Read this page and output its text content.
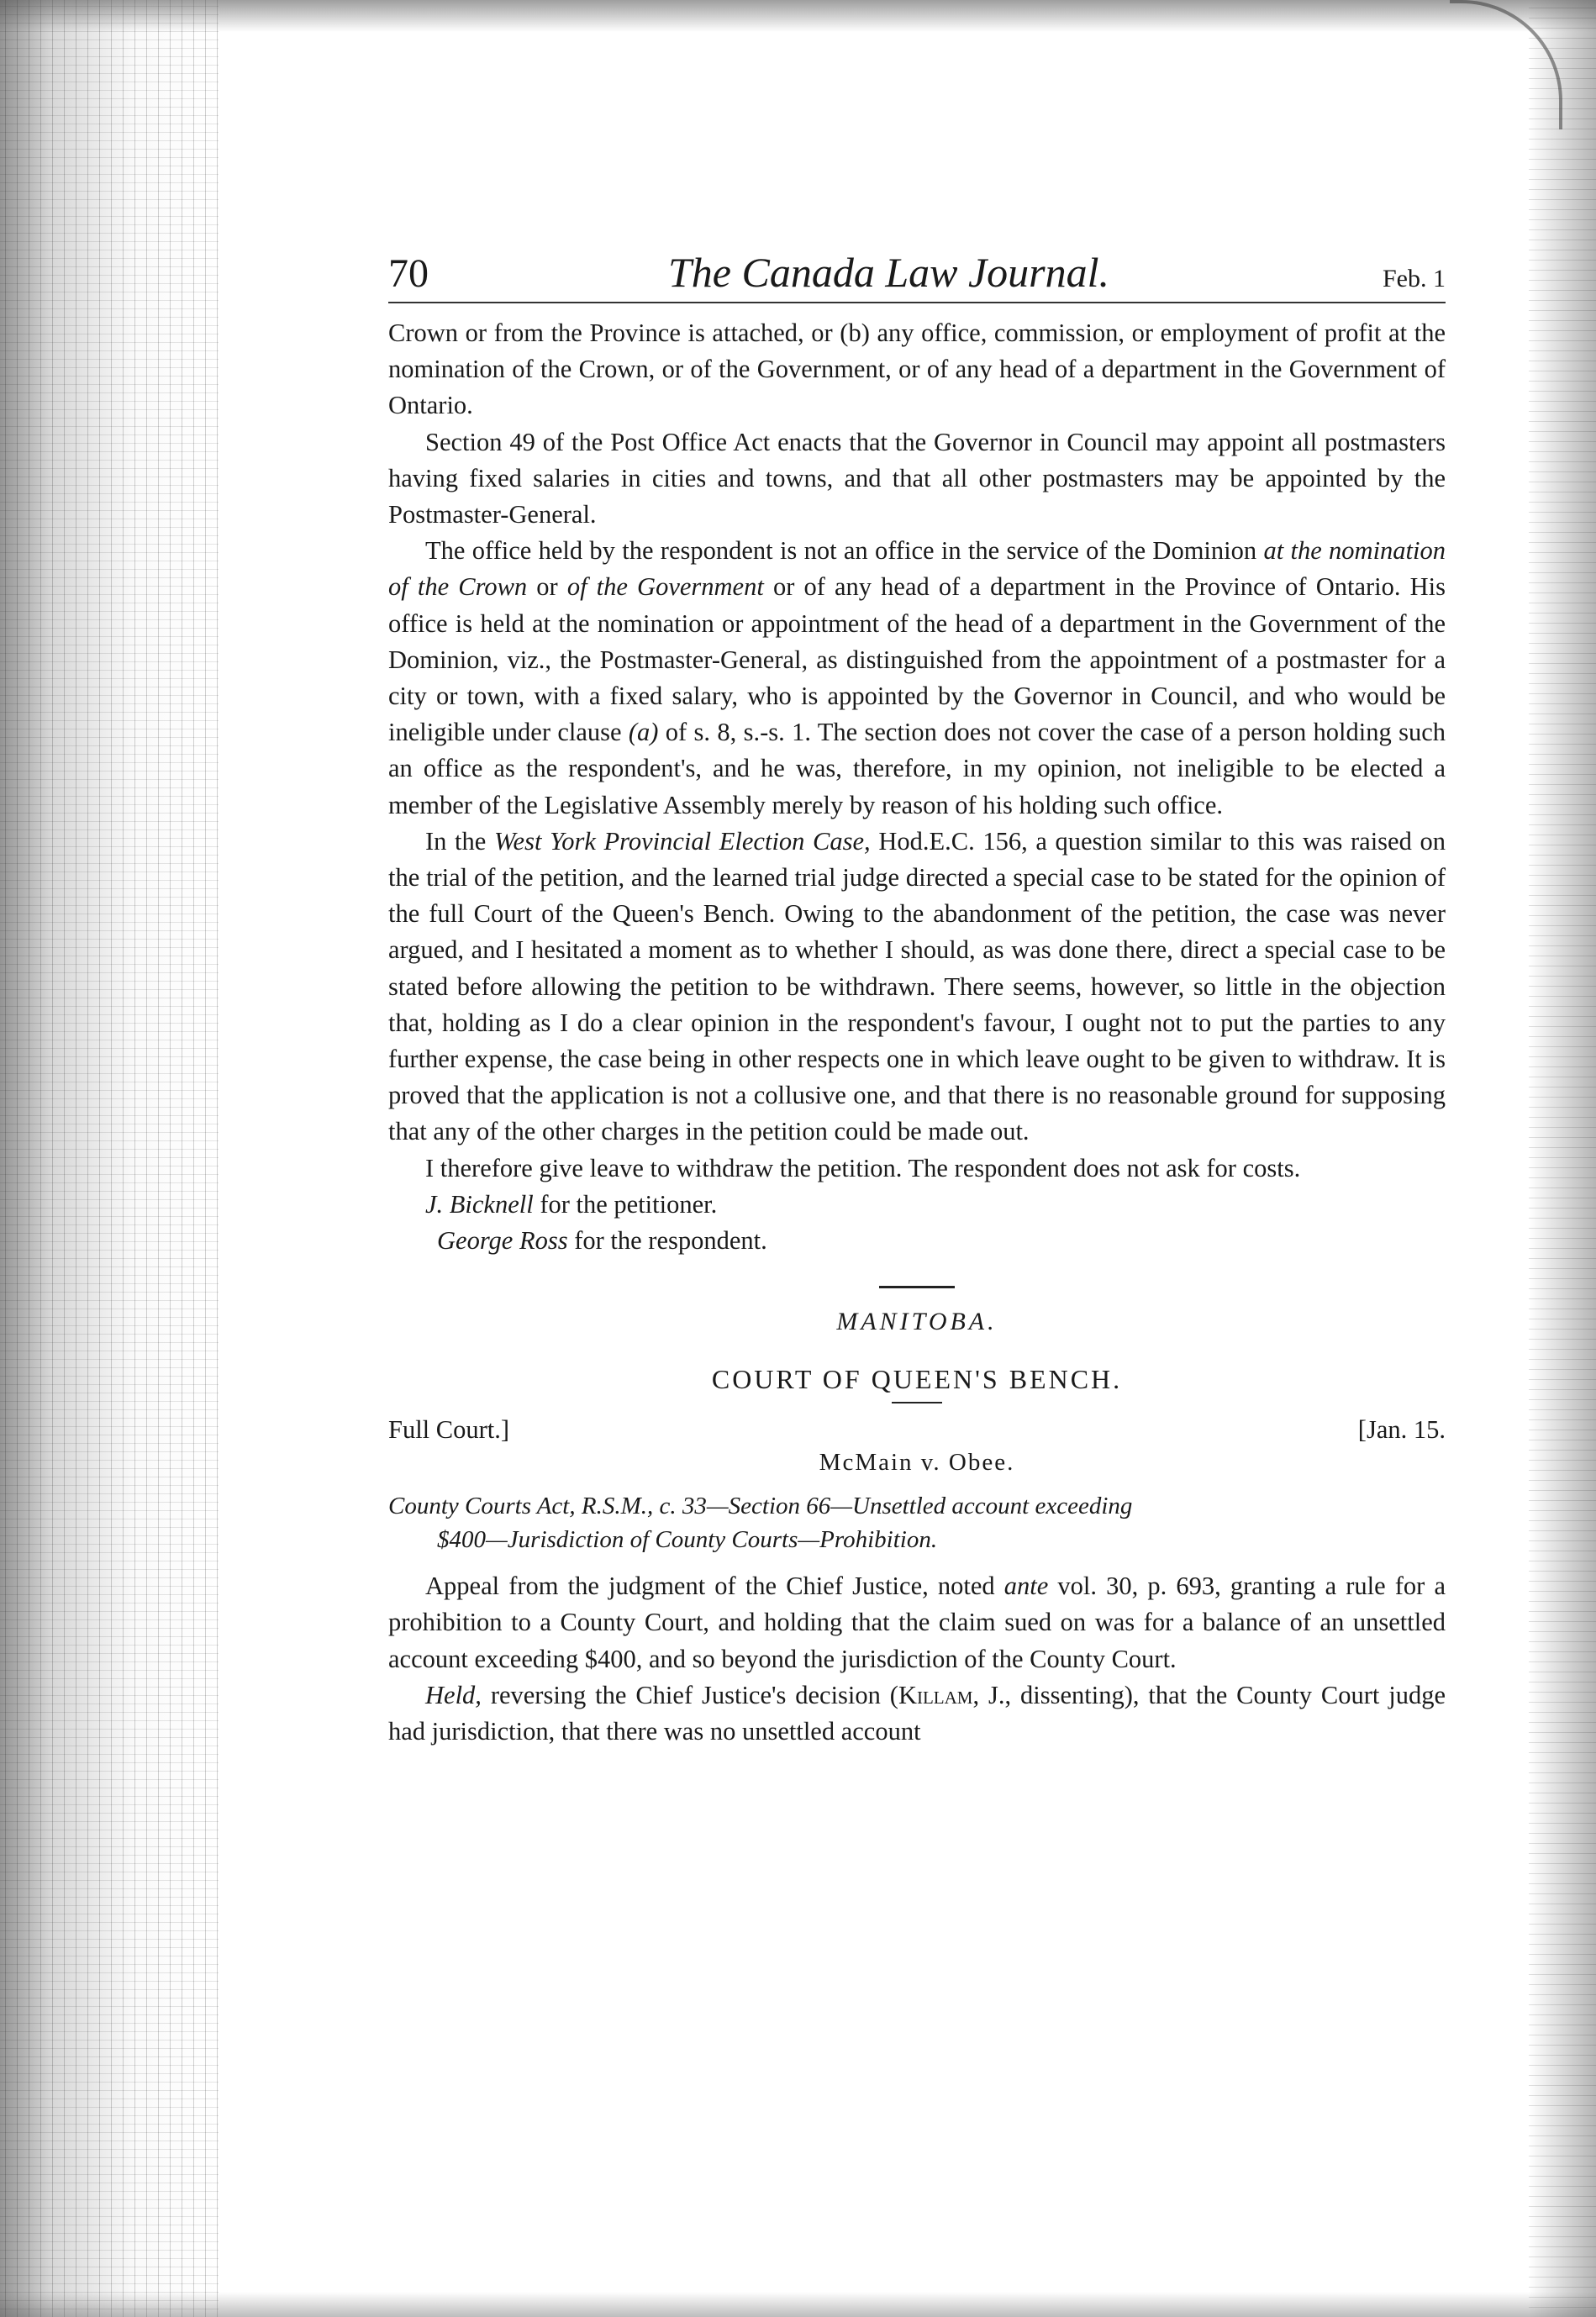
70	The Canada Law Journal.	Feb. 1

Crown or from the Province is attached, or (b) any office, commission, or employment of profit at the nomination of the Crown, or of the Government, or of any head of a department in the Government of Ontario.

Section 49 of the Post Office Act enacts that the Governor in Council may appoint all postmasters having fixed salaries in cities and towns, and that all other postmasters may be appointed by the Postmaster-General.

The office held by the respondent is not an office in the service of the Dominion at the nomination of the Crown or of the Government or of any head of a department in the Province of Ontario. His office is held at the nomination or appointment of the head of a department in the Government of the Dominion, viz., the Postmaster-General, as distinguished from the appointment of a postmaster for a city or town, with a fixed salary, who is appointed by the Governor in Council, and who would be ineligible under clause (a) of s. 8, s.-s. 1. The section does not cover the case of a person holding such an office as the respondent's, and he was, therefore, in my opinion, not ineligible to be elected a member of the Legislative Assembly merely by reason of his holding such office.

In the West York Provincial Election Case, Hod.E.C. 156, a question similar to this was raised on the trial of the petition, and the learned trial judge directed a special case to be stated for the opinion of the full Court of the Queen's Bench. Owing to the abandonment of the petition, the case was never argued, and I hesitated a moment as to whether I should, as was done there, direct a special case to be stated before allowing the petition to be withdrawn. There seems, however, so little in the objection that, holding as I do a clear opinion in the respondent's favour, I ought not to put the parties to any further expense, the case being in other respects one in which leave ought to be given to withdraw. It is proved that the application is not a collusive one, and that there is no reasonable ground for supposing that any of the other charges in the petition could be made out.

I therefore give leave to withdraw the petition. The respondent does not ask for costs.

J. Bicknell for the petitioner.

George Ross for the respondent.

MANITOBA.
COURT OF QUEEN'S BENCH.
Full Court.]	[Jan. 15.
McMain v. Obee.
County Courts Act, R.S.M., c. 33—Section 66—Unsettled account exceeding
$400—Jurisdiction of County Courts—Prohibition.

Appeal from the judgment of the Chief Justice, noted ante vol. 30, p. 693, granting a rule for a prohibition to a County Court, and holding that the claim sued on was for a balance of an unsettled account exceeding $400, and so beyond the jurisdiction of the County Court.

Held, reversing the Chief Justice's decision (Killam, J., dissenting), that the County Court judge had jurisdiction, that there was no unsettled account
